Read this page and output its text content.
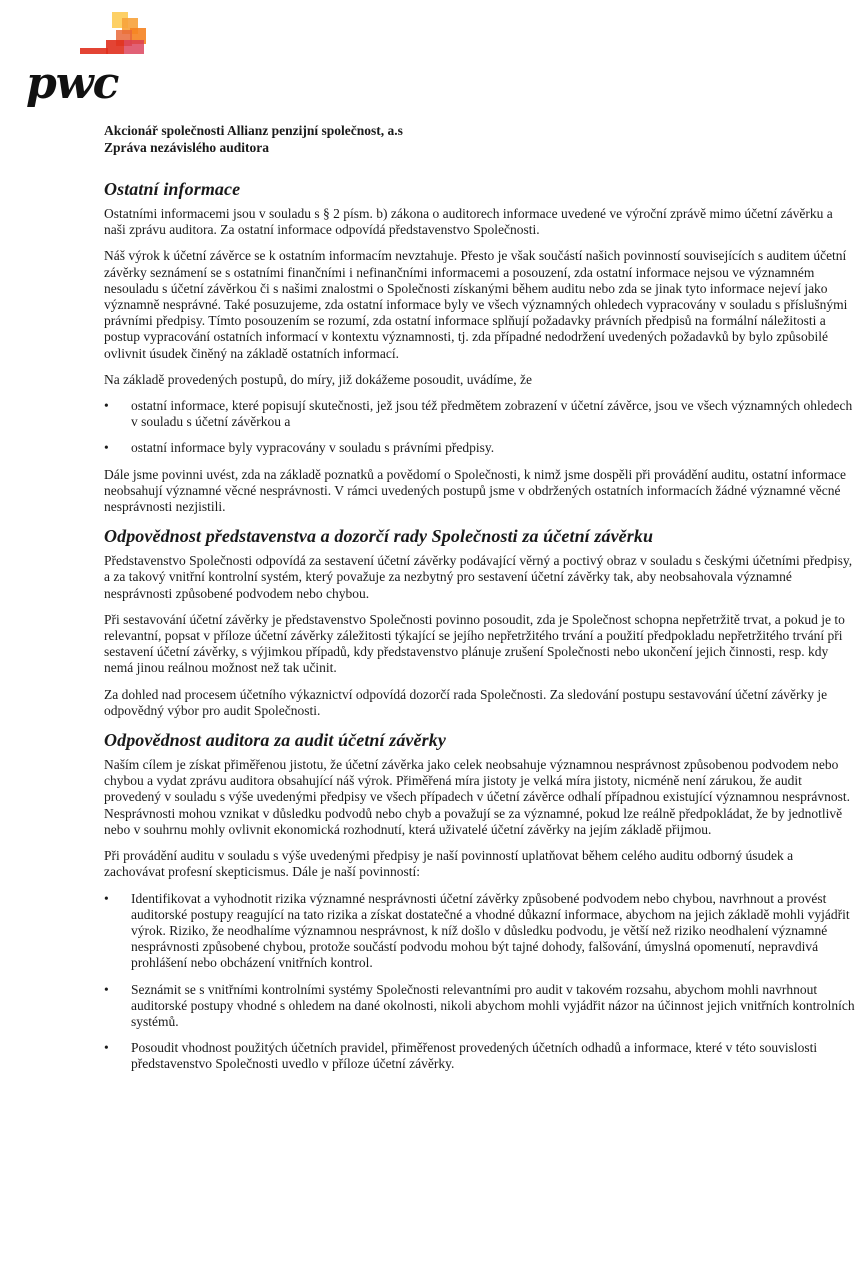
pwc
Akcionář společnosti Allianz penzijní společnost, a.s
Zpráva nezávislého auditora
Ostatní informace

Ostatními informacemi jsou v souladu s § 2 písm. b) zákona o auditorech informace uvedené ve výroční zprávě mimo účetní závěrku a naši zprávu auditora. Za ostatní informace odpovídá představenstvo Společnosti.

Náš výrok k účetní závěrce se k ostatním informacím nevztahuje. Přesto je však součástí našich povinností souvisejících s auditem účetní závěrky seznámení se s ostatními finančními i nefinančními informacemi a posouzení, zda ostatní informace nejsou ve významném nesouladu s účetní závěrkou či s našimi znalostmi o Společnosti získanými během auditu nebo zda se jinak tyto informace nejeví jako významně nesprávné. Také posuzujeme, zda ostatní informace byly ve všech významných ohledech vypracovány v souladu s příslušnými právními předpisy. Tímto posouzením se rozumí, zda ostatní informace splňují požadavky právních předpisů na formální náležitosti a postup vypracování ostatních informací v kontextu významnosti, tj. zda případné nedodržení uvedených požadavků by bylo způsobilé ovlivnit úsudek činěný na základě ostatních informací.

Na základě provedených postupů, do míry, již dokážeme posoudit, uvádíme, že

• ostatní informace, které popisují skutečnosti, jež jsou též předmětem zobrazení v účetní závěrce, jsou ve všech významných ohledech v souladu s účetní závěrkou a
• ostatní informace byly vypracovány v souladu s právními předpisy.

Dále jsme povinni uvést, zda na základě poznatků a povědomí o Společnosti, k nimž jsme dospěli při provádění auditu, ostatní informace neobsahují významné věcné nesprávnosti. V rámci uvedených postupů jsme v obdržených ostatních informacích žádné významné věcné nesprávnosti nezjistili.

Odpovědnost představenstva a dozorčí rady Společnosti za účetní závěrku

Představenstvo Společnosti odpovídá za sestavení účetní závěrky podávající věrný a poctivý obraz v souladu s českými účetními předpisy, a za takový vnitřní kontrolní systém, který považuje za nezbytný pro sestavení účetní závěrky tak, aby neobsahovala významné nesprávnosti způsobené podvodem nebo chybou.

Při sestavování účetní závěrky je představenstvo Společnosti povinno posoudit, zda je Společnost schopna nepřetržitě trvat, a pokud je to relevantní, popsat v příloze účetní závěrky záležitosti týkající se jejího nepřetržitého trvání a použití předpokladu nepřetržitého trvání při sestavení účetní závěrky, s výjimkou případů, kdy představenstvo plánuje zrušení Společnosti nebo ukončení jejich činnosti, resp. kdy nemá jinou reálnou možnost než tak učinit.

Za dohled nad procesem účetního výkaznictví odpovídá dozorčí rada Společnosti. Za sledování postupu sestavování účetní závěrky je odpovědný výbor pro audit Společnosti.

Odpovědnost auditora za audit účetní závěrky

Naším cílem je získat přiměřenou jistotu, že účetní závěrka jako celek neobsahuje významnou nesprávnost způsobenou podvodem nebo chybou a vydat zprávu auditora obsahující náš výrok. Přiměřená míra jistoty je velká míra jistoty, nicméně není zárukou, že audit provedený v souladu s výše uvedenými předpisy ve všech případech v účetní závěrce odhalí případnou existující významnou nesprávnost. Nesprávnosti mohou vznikat v důsledku podvodů nebo chyb a považují se za významné, pokud lze reálně předpokládat, že by jednotlivě nebo v souhrnu mohly ovlivnit ekonomická rozhodnutí, která uživatelé účetní závěrky na jejím základě přijmou.

Při provádění auditu v souladu s výše uvedenými předpisy je naší povinností uplatňovat během celého auditu odborný úsudek a zachovávat profesní skepticismus. Dále je naší povinností:

• Identifikovat a vyhodnotit rizika významné nesprávnosti účetní závěrky způsobené podvodem nebo chybou, navrhnout a provést auditorské postupy reagující na tato rizika a získat dostatečné a vhodné důkazní informace, abychom na jejich základě mohli vyjádřit výrok. Riziko, že neodhalíme významnou nesprávnost, k níž došlo v důsledku podvodu, je větší než riziko neodhalení významné nesprávnosti způsobené chybou, protože součástí podvodu mohou být tajné dohody, falšování, úmyslná opomenutí, nepravdivá prohlášení nebo obcházení vnitřních kontrol.
• Seznámit se s vnitřními kontrolními systémy Společnosti relevantními pro audit v takovém rozsahu, abychom mohli navrhnout auditorské postupy vhodné s ohledem na dané okolnosti, nikoli abychom mohli vyjádřit názor na účinnost jejich vnitřních kontrolních systémů.
• Posoudit vhodnost použitých účetních pravidel, přiměřenost provedených účetních odhadů a informace, které v této souvislosti představenstvo Společnosti uvedlo v příloze účetní závěrky.
